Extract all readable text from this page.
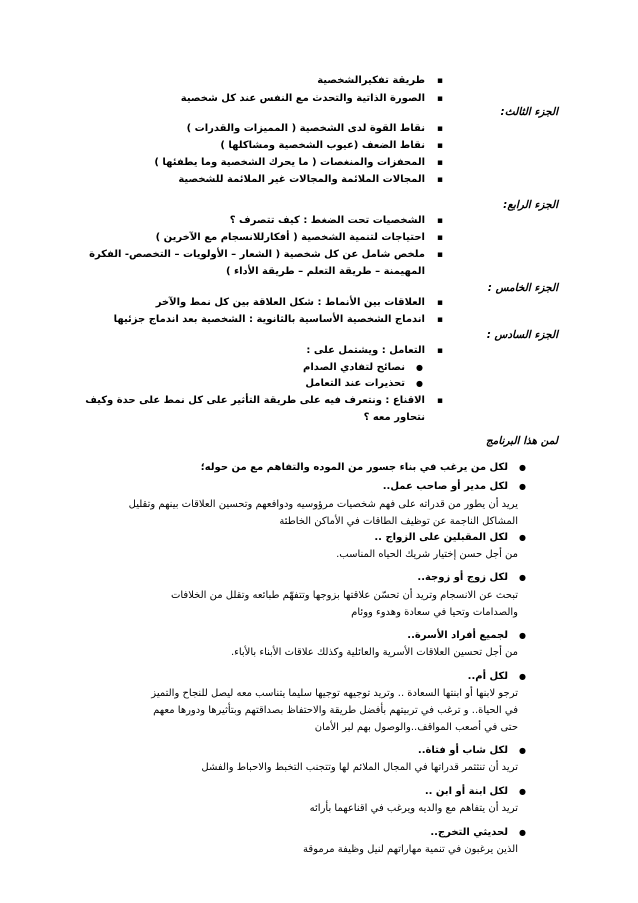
▪ طريقة تفكيرالشخصية
▪ الصورة الذاتية والتحدث مع النفس عند كل شخصية
الجزء الثالث:
▪ نقاط القوة لدى الشخصية ( المميزات والقدرات )
▪ نقاط الضعف (عيوب الشخصية ومشاكلها )
▪ المحفزات والمنغصات ( ما يحرك الشخصية وما يطفئها )
▪ المجالات الملائمة والمجالات غير الملائمة للشخصية
الجزء الرابع:
▪ الشخصيات تحت الضغط : كيف تتصرف ؟
▪ احتياجات لتنمية الشخصية ( أفكارللانسجام مع الآخرين )
▪ ملخص شامل عن كل شخصية ( الشعار – الأولويات – التخصص- الفكرة
المهيمنة – طريقة التعلم – طريقة الأداء )
الجزء الخامس :
▪ العلاقات بين الأنماط : شكل العلاقة بين كل نمط والآخر
▪ اندماج الشخصية الأساسية بالثانوية : الشخصية بعد اندماج جزئيها
الجزء السادس :
▪ التعامل : ويشتمل على :
● نصائح لتفادي الصدام
● تحذيرات عند التعامل
▪ الاقناع : ونتعرف فيه على طريقة التأثير على كل نمط على حدة وكيف
نتحاور معه ؟
لمن هذا البرنامج
● لكل من يرغب في بناء جسور من الموده والتفاهم مع من حوله؛
● لكل مدير أو صاحب عمل..
يريد أن يطور من قدراته على فهم شخصيات مرؤوسيه ودوافعهم وتحسين العلاقات بينهم وتقليل
المشاكل الناجمة عن توظيف الطاقات في الأماكن الخاطئة
● لكل المقبلين على الزواج ..
من أجل حسن إختيار شريك الحياه المناسب.
● لكل زوج أو زوجة..
تبحث عن الانسجام وتريد أن تحسّن علاقتها بزوجها وتتفهّم طبائعه وتقلل من الخلافات
والصدامات وتحيا في سعادة وهدوء ووئام
● لجميع أفراد الأسرة..
من أجل تحسين العلاقات الأسرية والعائلية وكذلك علاقات الأبناء بالأباء.
● لكل أم..
ترجو لابنها أو ابنتها السعادة .. وتريد توجيهه توجيها سليما يتناسب معه ليصل للنجاح والتميز
في الحياة.. و ترغب في تربيتهم بأفضل طريقة والاحتفاظ بصداقتهم وبتأثيرها ودورها معهم
حتى في أصعب المواقف..والوصول بهم لبر الأمان
● لكل شاب أو فتاة..
تريد أن تنثثمر قدراتها في المجال الملائم لها وتتجنب التخبط والاحباط والفشل
● لكل ابنة أو ابن ..
تريد أن يتفاهم مع والديه ويرغب في اقناعهما بأرائه
● لحديثي التخرج..
الذين يرغبون في تنمية مهاراتهم لنيل وظيفة مرموقة
